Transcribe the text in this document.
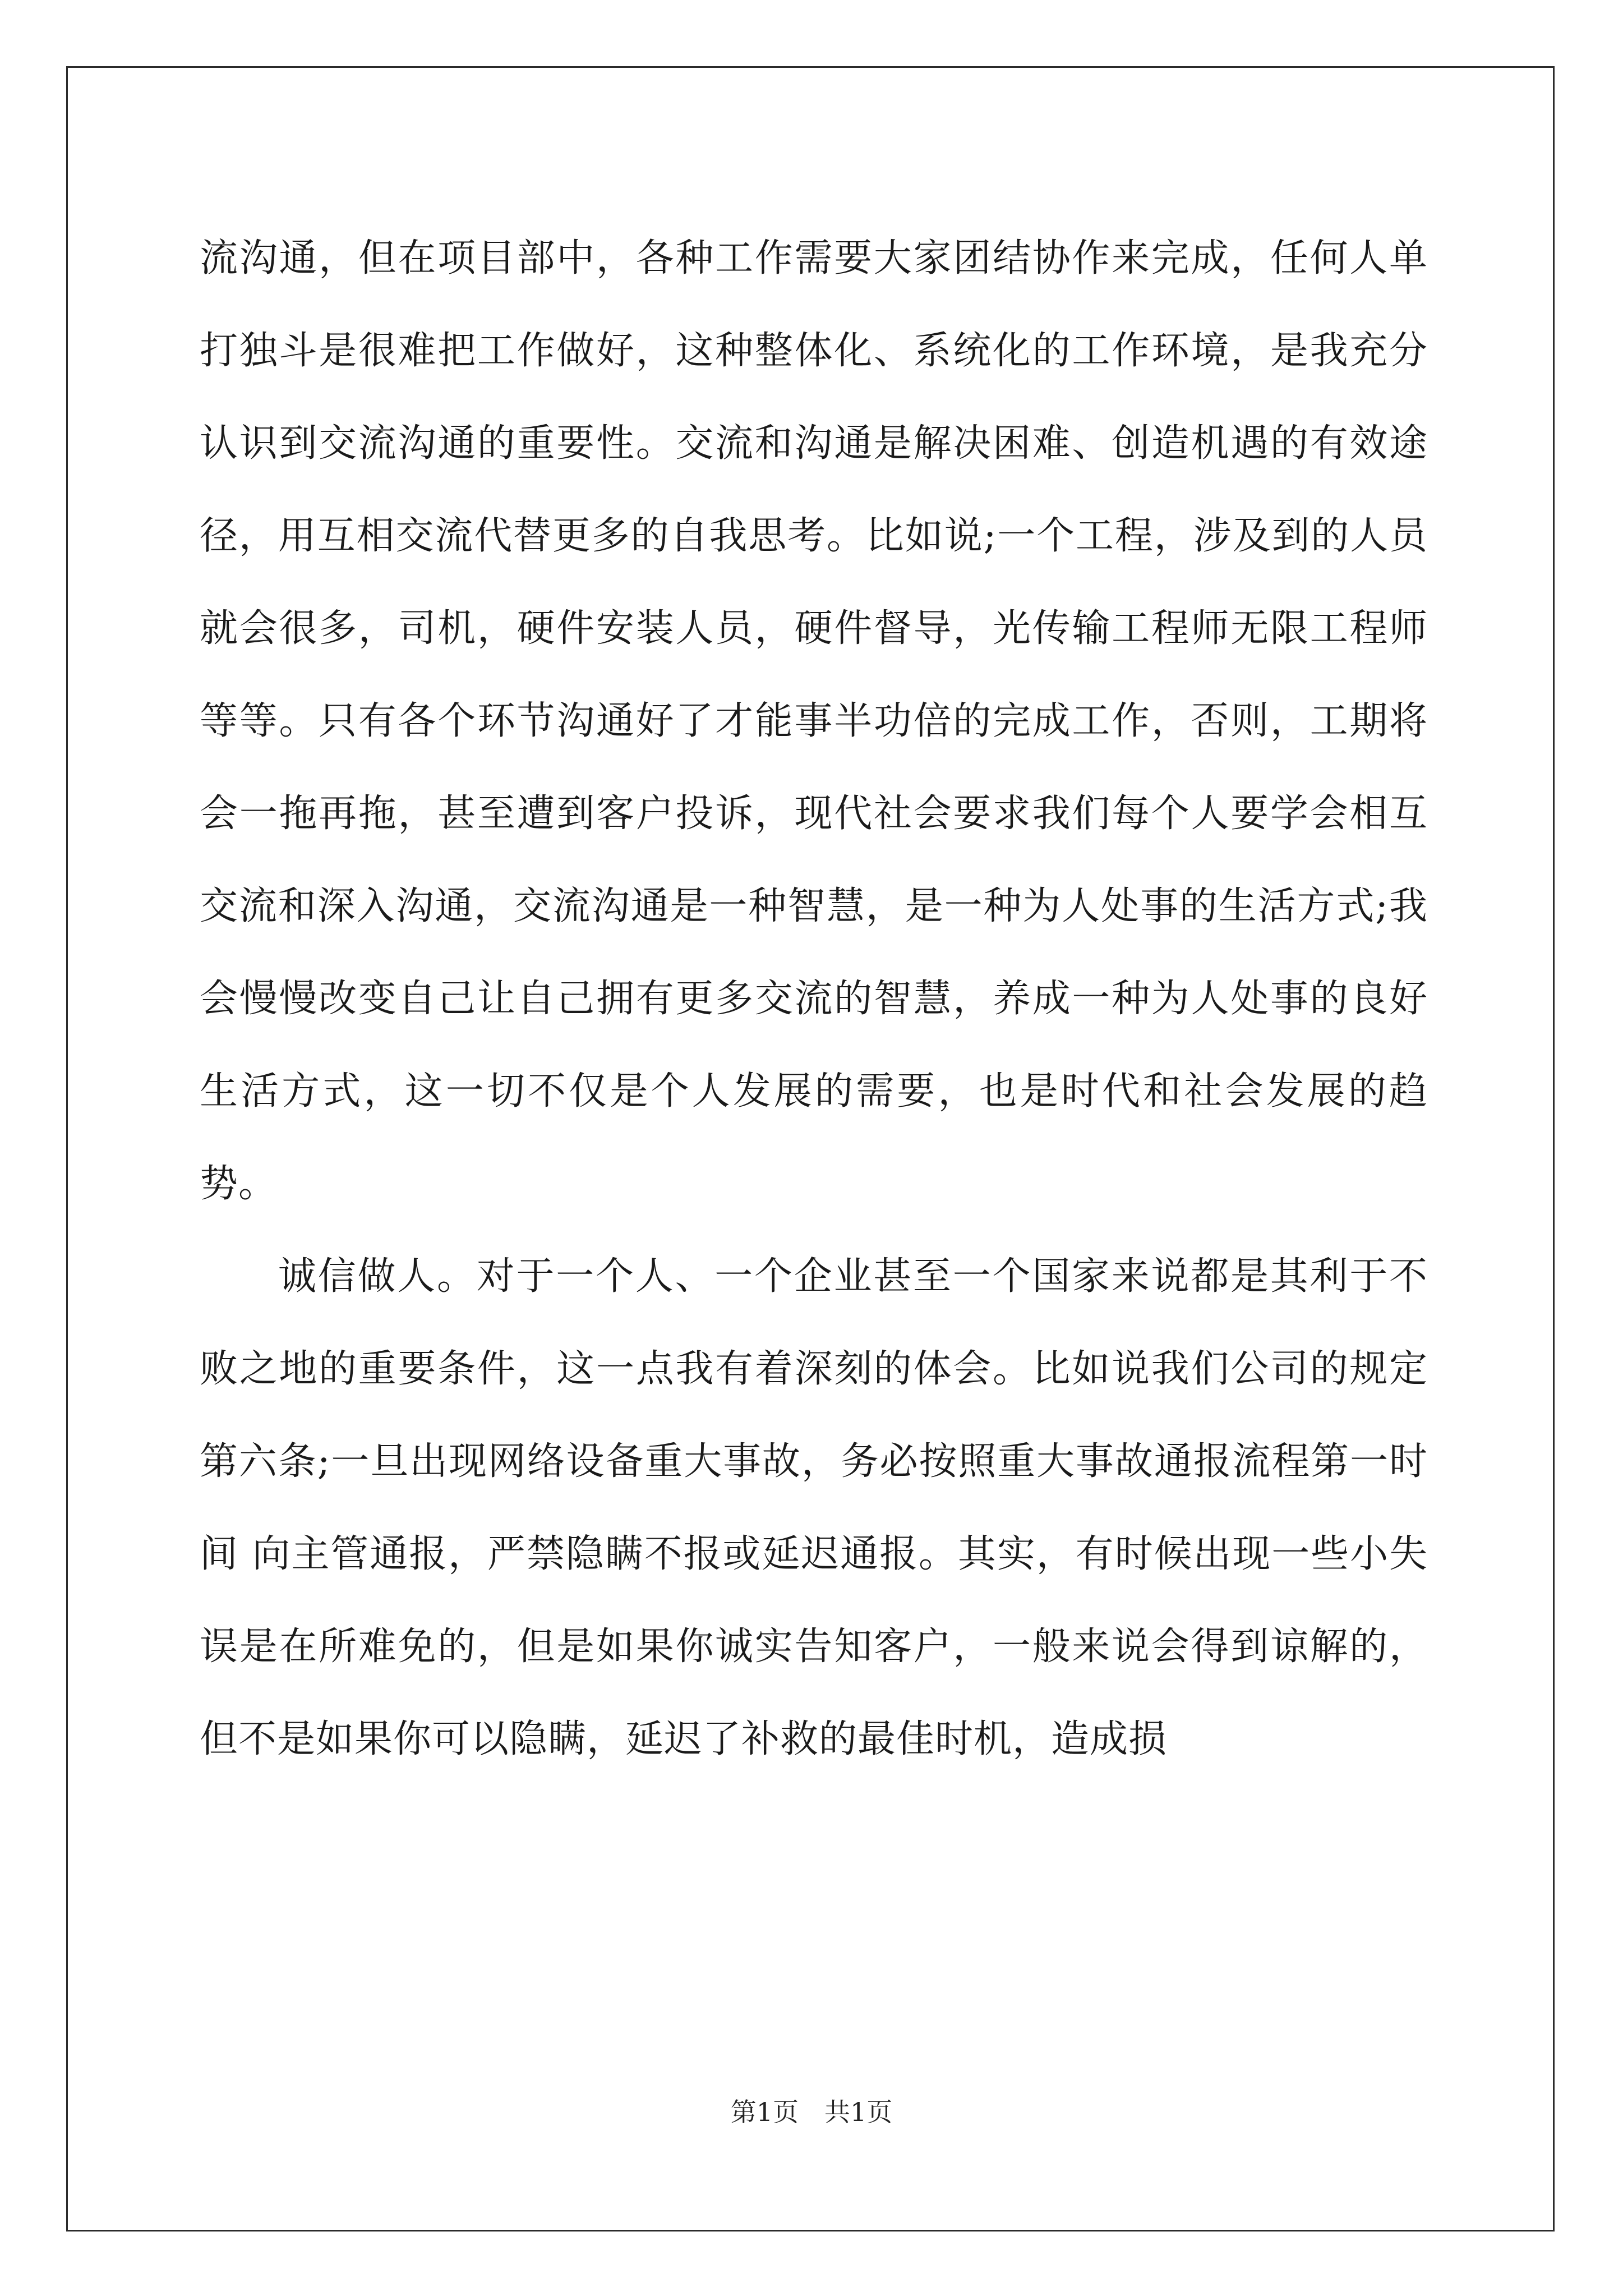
流沟通，但在项目部中，各种工作需要大家团结协作来完成，任何人单打独斗是很难把工作做好，这种整体化、系统化的工作环境，是我充分认识到交流沟通的重要性。交流和沟通是解决困难、创造机遇的有效途径，用互相交流代替更多的自我思考。比如说;一个工程，涉及到的人员就会很多，司机，硬件安装人员，硬件督导，光传输工程师无限工程师等等。只有各个环节沟通好了才能事半功倍的完成工作，否则，工期将会一拖再拖，甚至遭到客户投诉，现代社会要求我们每个人要学会相互交流和深入沟通，交流沟通是一种智慧，是一种为人处事的生活方式;我会慢慢改变自己让自己拥有更多交流的智慧，养成一种为人处事的良好生活方式，这一切不仅是个人发展的需要，也是时代和社会发展的趋势。

诚信做人。对于一个人、一个企业甚至一个国家来说都是其利于不败之地的重要条件，这一点我有着深刻的体会。比如说我们公司的规定第六条;一旦出现网络设备重大事故，务必按照重大事故通报流程第一时间 向主管通报，严禁隐瞒不报或延迟通报。其实，有时候出现一些小失误是在所难免的，但是如果你诚实告知客户，一般来说会得到谅解的，但不是如果你可以隐瞒，延迟了补救的最佳时机，造成损

第1页　共1页
